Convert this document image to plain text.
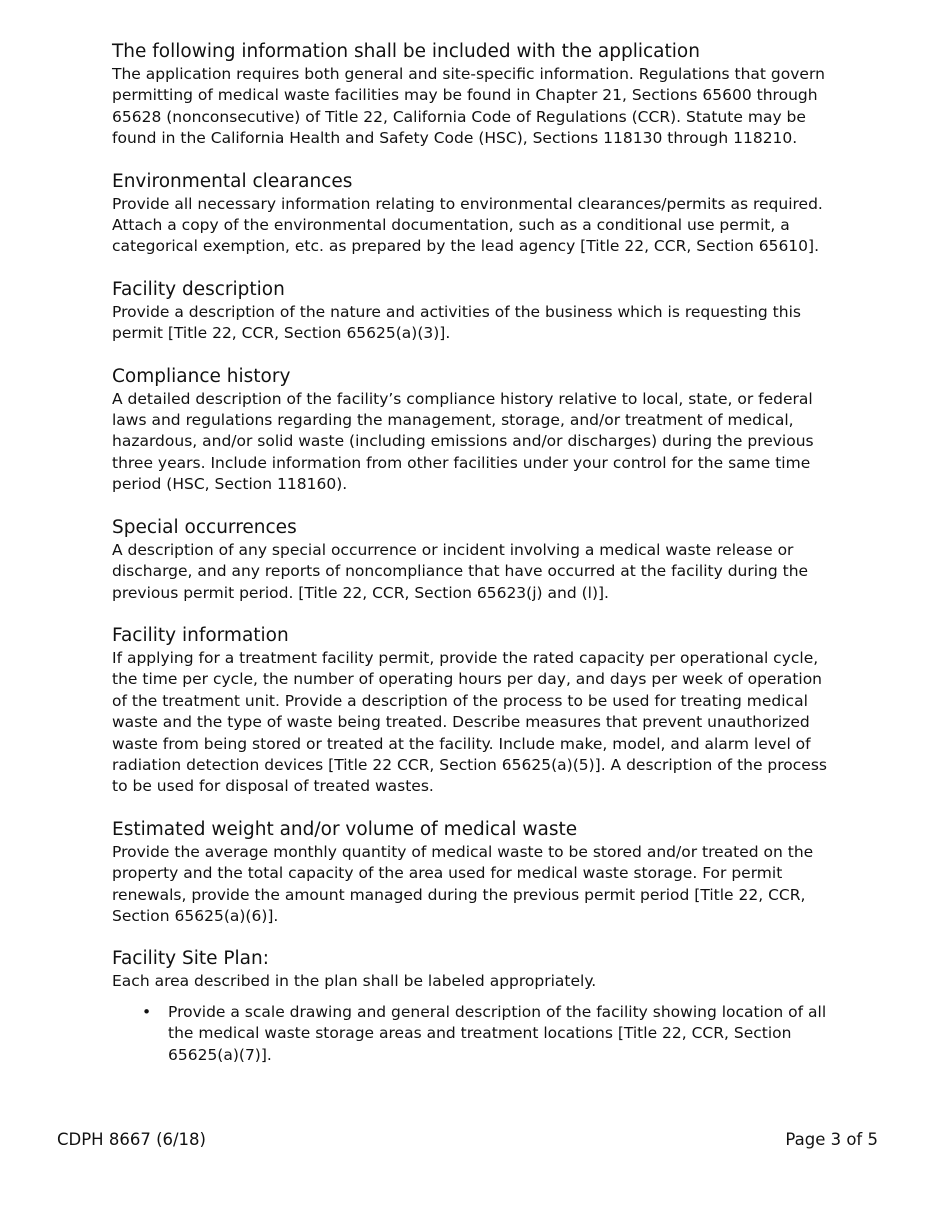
The following information shall be included with the application

The application requires both general and site-specific information. Regulations that govern permitting of medical waste facilities may be found in Chapter 21, Sections 65600 through 65628 (nonconsecutive) of Title 22, California Code of Regulations (CCR). Statute may be found in the California Health and Safety Code (HSC), Sections 118130 through 118210.

Environmental clearances

Provide all necessary information relating to environmental clearances/permits as required. Attach a copy of the environmental documentation, such as a conditional use permit, a categorical exemption, etc. as prepared by the lead agency [Title 22, CCR, Section 65610].

Facility description

Provide a description of the nature and activities of the business which is requesting this permit [Title 22, CCR, Section 65625(a)(3)].

Compliance history

A detailed description of the facility’s compliance history relative to local, state, or federal laws and regulations regarding the management, storage, and/or treatment of medical, hazardous, and/or solid waste (including emissions and/or discharges) during the previous three years. Include information from other facilities under your control for the same time period (HSC, Section 118160).

Special occurrences

A description of any special occurrence or incident involving a medical waste release or discharge, and any reports of noncompliance that have occurred at the facility during the previous permit period. [Title 22, CCR, Section 65623(j) and (l)].

Facility information

If applying for a treatment facility permit, provide the rated capacity per operational cycle, the time per cycle, the number of operating hours per day, and days per week of operation of the treatment unit. Provide a description of the process to be used for treating medical waste and the type of waste being treated. Describe measures that prevent unauthorized waste from being stored or treated at the facility. Include make, model, and alarm level of radiation detection devices [Title 22 CCR, Section 65625(a)(5)]. A description of the process to be used for disposal of treated wastes.

Estimated weight and/or volume of medical waste

Provide the average monthly quantity of medical waste to be stored and/or treated on the property and the total capacity of the area used for medical waste storage. For permit renewals, provide the amount managed during the previous permit period [Title 22, CCR, Section 65625(a)(6)].

Facility Site Plan:

Each area described in the plan shall be labeled appropriately.

• Provide a scale drawing and general description of the facility showing location of all the medical waste storage areas and treatment locations [Title 22, CCR, Section 65625(a)(7)].
CDPH 8667 (6/18)	Page 3 of 5
